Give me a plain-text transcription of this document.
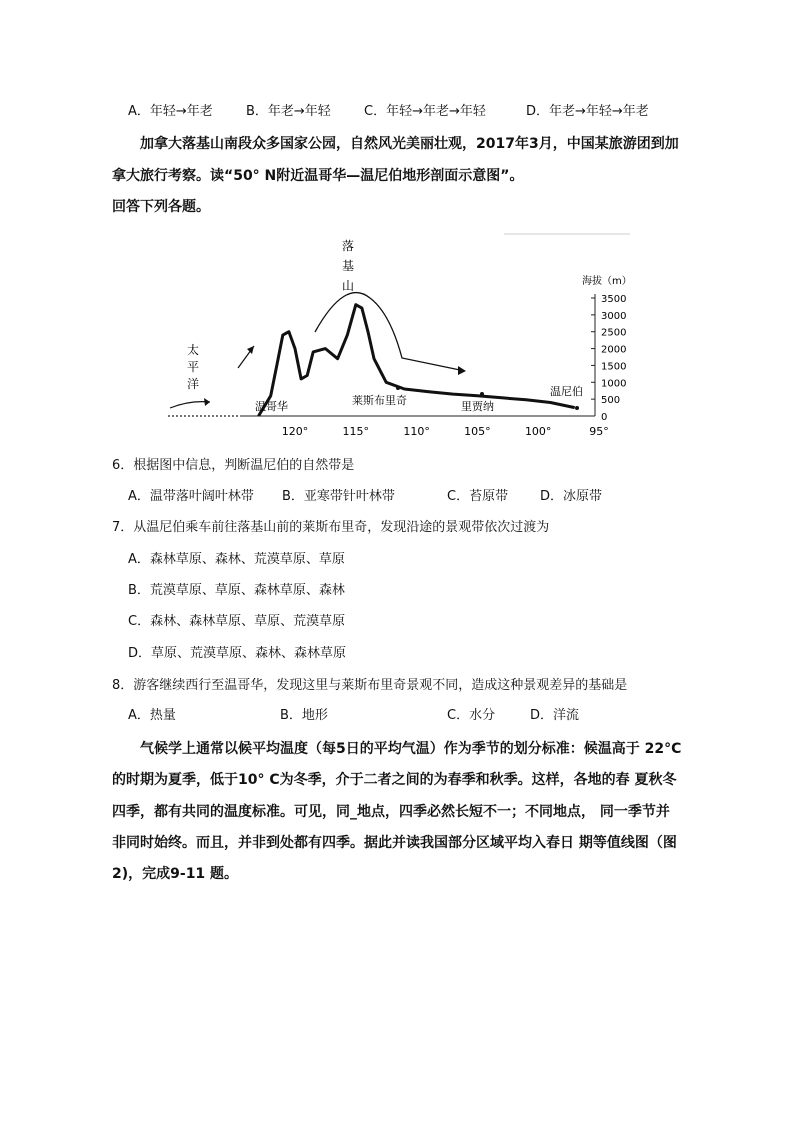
A．年轻→年老	B．年老→年轻	C．年轻→年老→年轻	D．年老→年轻→年老
加拿大落基山南段众多国家公园，自然风光美丽壮观，2017年3月，中国某旅游团到加
拿大旅行考察。读“50° N附近温哥华—温尼伯地形剖面示意图”。
回答下列各题。
落
基
山
太
平
洋
海拔（m）
3500
3000
2500
2000
1500
1000
500
0
120°	115°	110°	105°	100°	95°
温哥华	莱斯布里奇	里贾纳
温尼伯
6．根据图中信息，判断温尼伯的自然带是
A．温带落叶阔叶林带 B．亚寒带针叶林带	C．苔原带 D．冰原带
7．从温尼伯乘车前往落基山前的莱斯布里奇，发现沿途的景观带依次过渡为
A．森林草原、森林、荒漠草原、草原
B．荒漠草原、草原、森林草原、森林
C．森林、森林草原、草原、荒漠草原
D．草原、荒漠草原、森林、森林草原
8．游客继续西行至温哥华，发现这里与莱斯布里奇景观不同，造成这种景观差异的基础是
A．热量	B．地形	C．水分	D．洋流
气候学上通常以候平均温度（每5日的平均气温）作为季节的划分标准：候温高于 22°C
的时期为夏季，低于10° C为冬季，介于二者之间的为春季和秋季。这样，各地的春 夏秋冬
四季，都有共同的温度标准。可见，同_地点，四季必然长短不一；不同地点， 同一季节并
非同时始终。而且，并非到处都有四季。据此并读我国部分区域平均入春日 期等值线图（图
2)，完成9-11 题。
